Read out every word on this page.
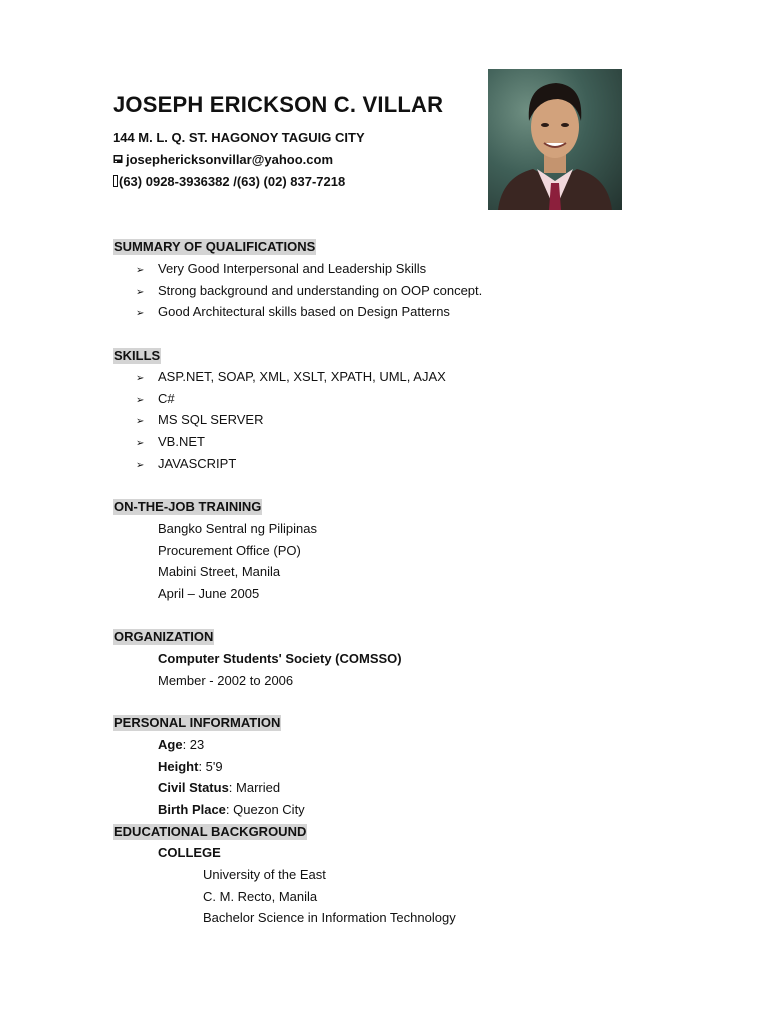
JOSEPH ERICKSON C. VILLAR
144 M. L. Q. ST. HAGONOY TAGUIG CITY
josephericksonvillar@yahoo.com
(63) 0928-3936382 /(63) (02) 837-7218
SUMMARY OF QUALIFICATIONS
➢ Very Good Interpersonal and Leadership Skills
➢ Strong background and understanding on OOP concept.
➢ Good Architectural skills based on Design Patterns
SKILLS
➢ ASP.NET, SOAP, XML, XSLT, XPATH, UML, AJAX
➢ C#
➢ MS SQL SERVER
➢ VB.NET
➢ JAVASCRIPT
ON-THE-JOB TRAINING
Bangko Sentral ng Pilipinas
Procurement Office (PO)
Mabini Street, Manila
April – June 2005
ORGANIZATION
Computer Students' Society (COMSSO)
Member - 2002 to 2006
PERSONAL INFORMATION
Age: 23
Height: 5'9
Civil Status: Married
Birth Place: Quezon City
EDUCATIONAL BACKGROUND
COLLEGE
University of the East
C. M. Recto, Manila
Bachelor Science in Information Technology
